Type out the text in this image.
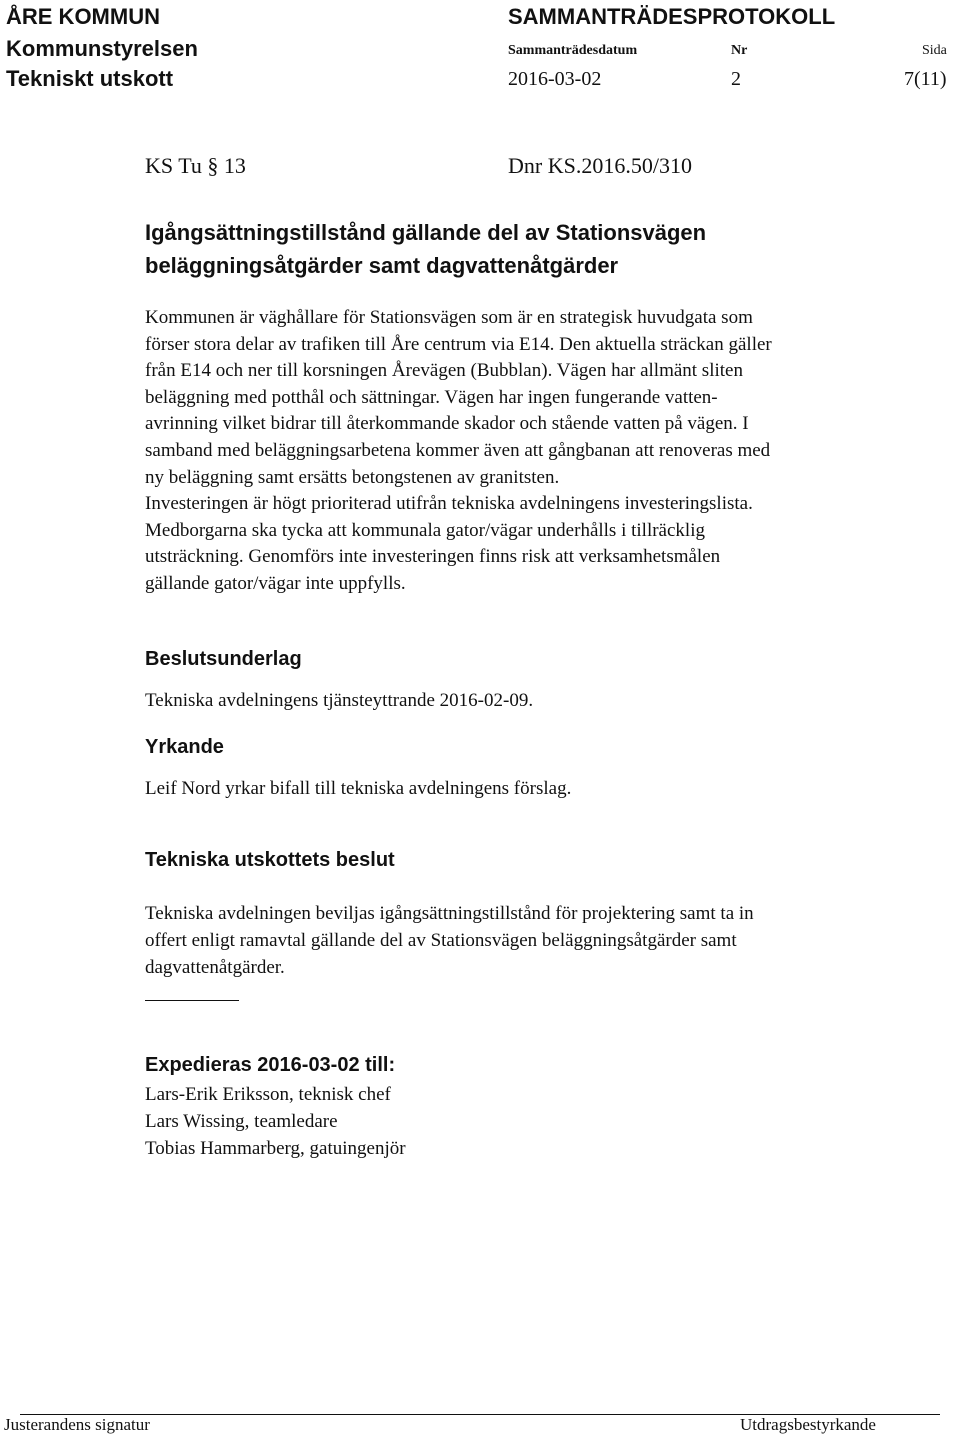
ÅRE KOMMUN	SAMMANTRÄDESPROTOKOLL
Kommunstyrelsen	Sammanträdesdatum	Nr	Sida
Tekniskt utskott	2016-03-02	2	7(11)
KS Tu § 13	Dnr KS.2016.50/310
Igångsättningstillstånd gällande del av Stationsvägen
beläggningsåtgärder samt dagvattenåtgärder
Kommunen är väghållare för Stationsvägen som är en strategisk huvudgata som
förser stora delar av trafiken till Åre centrum via E14. Den aktuella sträckan gäller
från E14 och ner till korsningen Årevägen (Bubblan). Vägen har allmänt sliten
beläggning med potthål och sättningar. Vägen har ingen fungerande vatten-
avrinning vilket bidrar till återkommande skador och stående vatten på vägen. I
samband med beläggningsarbetena kommer även att gångbanan att renoveras med
ny beläggning samt ersätts betongstenen av granitsten.
Investeringen är högt prioriterad utifrån tekniska avdelningens investeringslista.
Medborgarna ska tycka att kommunala gator/vägar underhålls i tillräcklig
utsträckning. Genomförs inte investeringen finns risk att verksamhetsmålen
gällande gator/vägar inte uppfylls.
Beslutsunderlag
Tekniska avdelningens tjänsteyttrande 2016-02-09.
Yrkande
Leif Nord yrkar bifall till tekniska avdelningens förslag.
Tekniska utskottets beslut
Tekniska avdelningen beviljas igångsättningstillstånd för projektering samt ta in
offert enligt ramavtal gällande del av Stationsvägen beläggningsåtgärder samt
dagvattenåtgärder.
Expedieras 2016-03-02 till:
Lars-Erik Eriksson, teknisk chef
Lars Wissing, teamledare
Tobias Hammarberg, gatuingenjör
Justerandens signatur	Utdragsbestyrkande
